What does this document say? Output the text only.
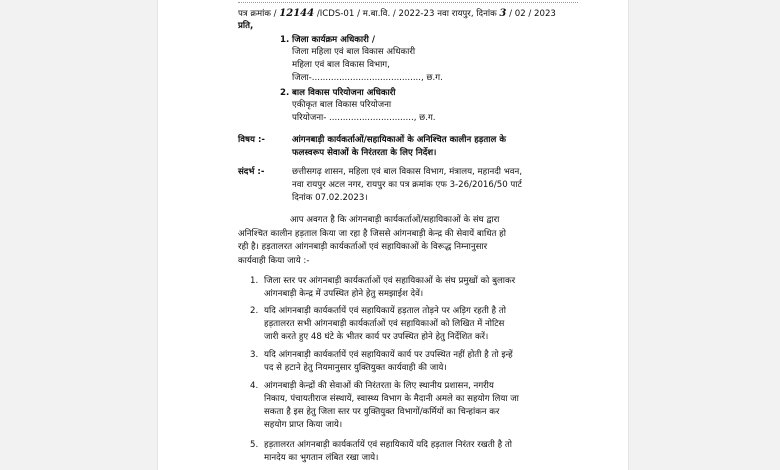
पत्र क्रमांक / 12144 /ICDS-01 / म.बा.वि. / 2022-23 नवा रायपुर, दिनांक 3 / 02 / 2023
प्रति,
1. जिला कार्यक्रम अधिकारी /
जिला महिला एवं बाल विकास अधिकारी
महिला एवं बाल विकास विभाग,
जिला-........................................, छ.ग.
2. बाल विकास परियोजना अधिकारी
एकीकृत बाल विकास परियोजना
परियोजना- ..............................., छ.ग.
विषय :-	आंगनबाड़ी कार्यकर्ताओं/सहायिकाओं के अनिश्चित कालीन हड़ताल के
फलस्वरूप सेवाओं के निरंतरता के लिए निर्देश।
संदर्भ :-	छत्तीसगढ़ शासन, महिला एवं बाल विकास विभाग, मंत्रालय, महानदी भवन,
नवा रायपुर अटल नगर, रायपुर का पत्र क्रमांक एफ 3-26/2016/50 पार्ट
दिनांक 07.02.2023।
आप अवगत है कि आंगनबाड़ी कार्यकर्ताओं/सहायिकाओं के संघ द्वारा
अनिश्चित कालीन हड़ताल किया जा रहा है जिससे आंगनबाड़ी केन्द्र की सेवायें बाधित हो
रही है। हड़तालरत आंगनबाड़ी कार्यकर्ताओं एवं सहायिकाओं के विरूद्ध निम्नानुसार
कार्यवाही किया जाये :-
1. जिला स्तर पर आंगनबाड़ी कार्यकर्ताओं एवं सहायिकाओं के संघ प्रमुखों को बुलाकर
आंगनबाड़ी केन्द्र में उपस्थित होने हेतु समझाईश देवें।
2. यदि आंगनबाड़ी कार्यकर्तायें एवं सहायिकायें हड़ताल तोड़ने पर अड़िग रहती है तो
हड़तालरत सभी आंगनबाड़ी कार्यकर्ताओं एवं सहायिकाओं को लिखित में नोटिस
जारी करते हुए 48 घंटे के भीतर कार्य पर उपस्थित होने हेतु निर्देशित करें।
3. यदि आंगनबाड़ी कार्यकर्तायें एवं सहायिकायें कार्य पर उपस्थित नहीं होती है तो इन्हें
पद से हटाने हेतु नियमानुसार युक्तियुक्त कार्यवाही की जाये।
4. आंगनबाड़ी केन्द्रों की सेवाओं की निरंतरता के लिए स्थानीय प्रशासन, नगरीय
निकाय, पंचायतीराज संस्थायें, स्वास्थ्य विभाग के मैदानी अमले का सहयोग लिया जा
सकता है इस हेतु जिला स्तर पर युक्तियुक्त विभागों/कर्मियों का चिन्हांकन कर
सहयोग प्राप्त किया जाये।
5. हड़तालरत आंगनबाड़ी कार्यकर्तायें एवं सहायिकायें यदि हड़ताल निरंतर रखती है तो
मानदेय का भुगतान लंबित रखा जाये।
